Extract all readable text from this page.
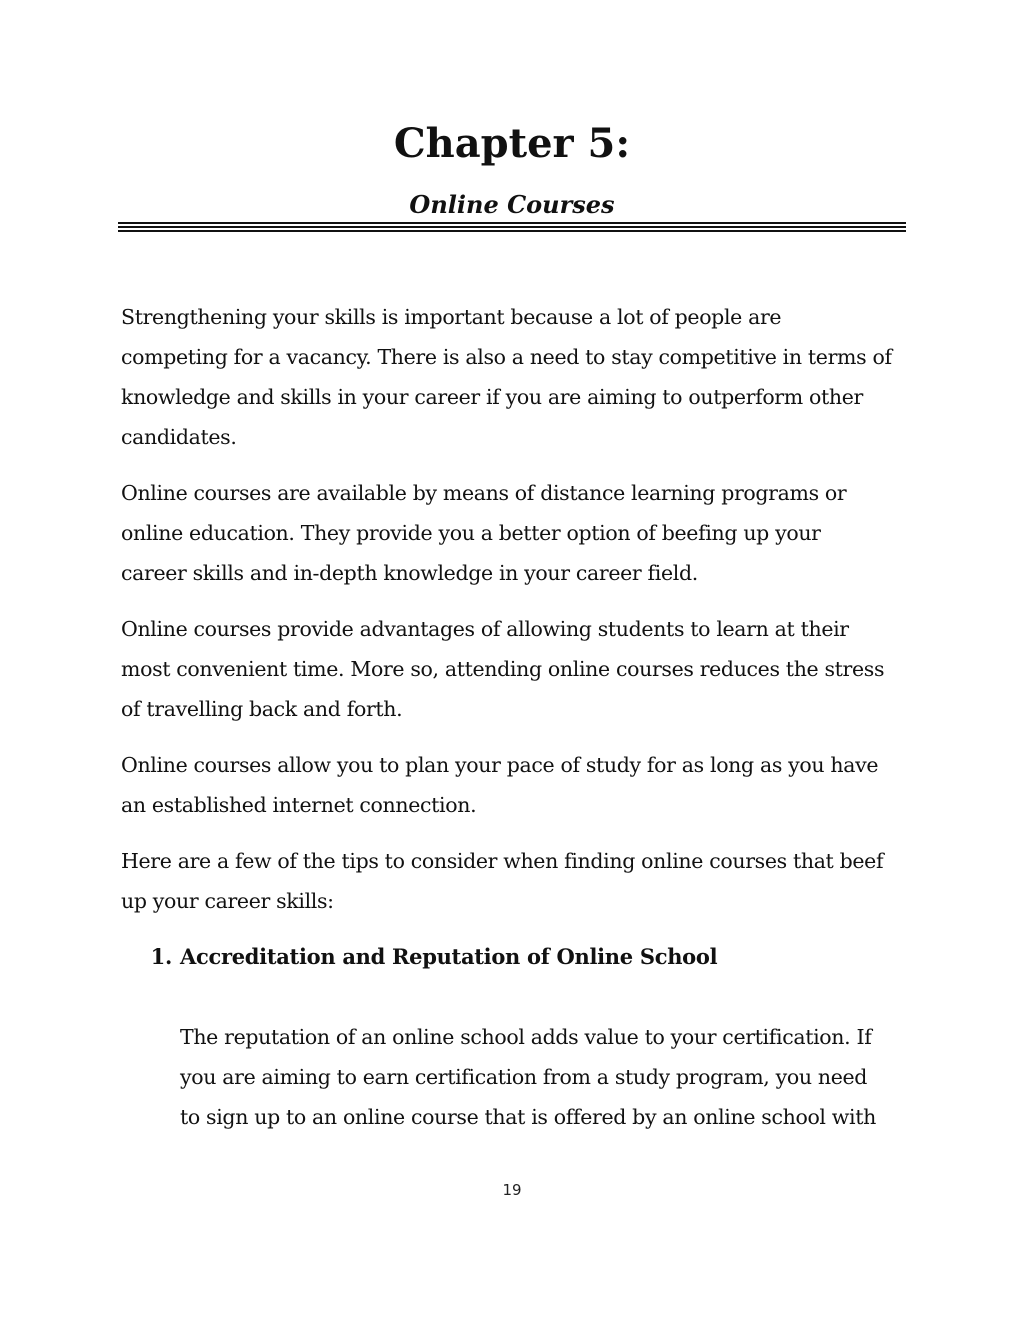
Chapter 5:
Online Courses

Strengthening your skills is important because a lot of people are
competing for a vacancy. There is also a need to stay competitive in terms of
knowledge and skills in your career if you are aiming to outperform other
candidates.

Online courses are available by means of distance learning programs or
online education. They provide you a better option of beefing up your
career skills and in-depth knowledge in your career field.

Online courses provide advantages of allowing students to learn at their
most convenient time. More so, attending online courses reduces the stress
of travelling back and forth.

Online courses allow you to plan your pace of study for as long as you have
an established internet connection.

Here are a few of the tips to consider when finding online courses that beef
up your career skills:

1. Accreditation and Reputation of Online School

The reputation of an online school adds value to your certification. If
you are aiming to earn certification from a study program, you need
to sign up to an online course that is offered by an online school with

19
